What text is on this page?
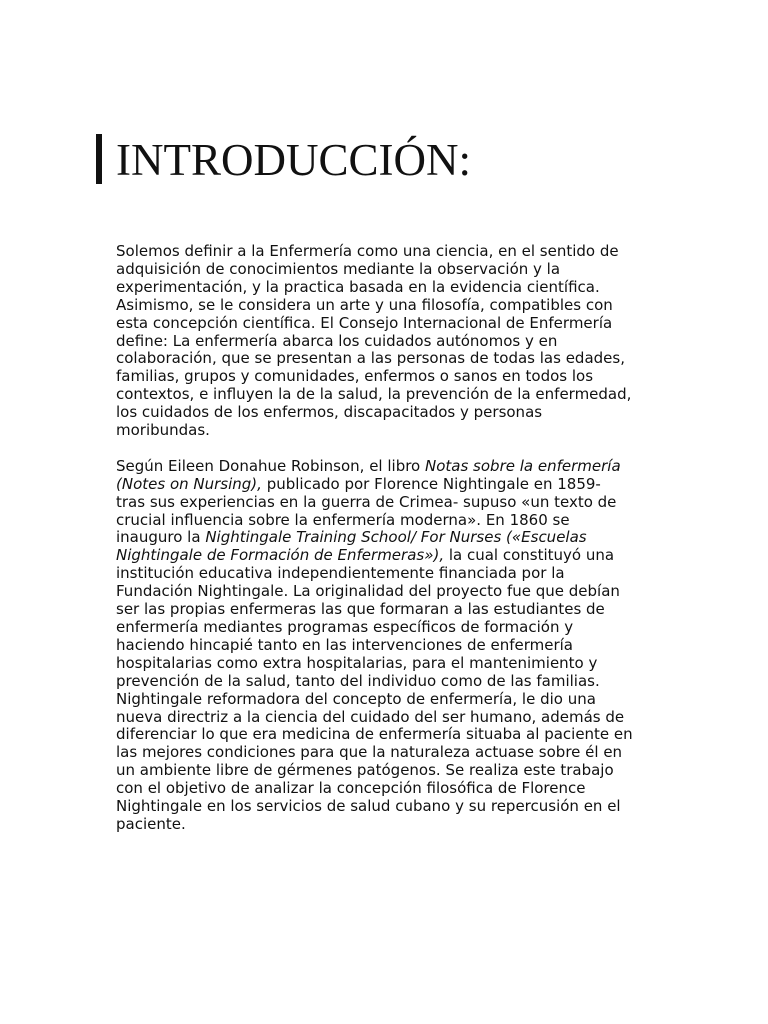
INTRODUCCIÓN:

Solemos definir a la Enfermería como una ciencia, en el sentido de
adquisición de conocimientos mediante la observación y la
experimentación, y la practica basada en la evidencia científica.
Asimismo, se le considera un arte y una filosofía, compatibles con
esta concepción científica. El Consejo Internacional de Enfermería
define: La enfermería abarca los cuidados autónomos y en
colaboración, que se presentan a las personas de todas las edades,
familias, grupos y comunidades, enfermos o sanos en todos los
contextos, e influyen la de la salud, la prevención de la enfermedad,
los cuidados de los enfermos, discapacitados y personas
moribundas.

Según Eileen Donahue Robinson, el libro Notas sobre la enfermería
(Notes on Nursing), publicado por Florence Nightingale en 1859-
tras sus experiencias en la guerra de Crimea- supuso «un texto de
crucial influencia sobre la enfermería moderna». En 1860 se
inauguro la Nightingale Training School/ For Nurses («Escuelas
Nightingale de Formación de Enfermeras»), la cual constituyó una
institución educativa independientemente financiada por la
Fundación Nightingale. La originalidad del proyecto fue que debían
ser las propias enfermeras las que formaran a las estudiantes de
enfermería mediantes programas específicos de formación y
haciendo hincapié tanto en las intervenciones de enfermería
hospitalarias como extra hospitalarias, para el mantenimiento y
prevención de la salud, tanto del individuo como de las familias.
Nightingale reformadora del concepto de enfermería, le dio una
nueva directriz a la ciencia del cuidado del ser humano, además de
diferenciar lo que era medicina de enfermería situaba al paciente en
las mejores condiciones para que la naturaleza actuase sobre él en
un ambiente libre de gérmenes patógenos. Se realiza este trabajo
con el objetivo de analizar la concepción filosófica de Florence
Nightingale en los servicios de salud cubano y su repercusión en el
paciente.
